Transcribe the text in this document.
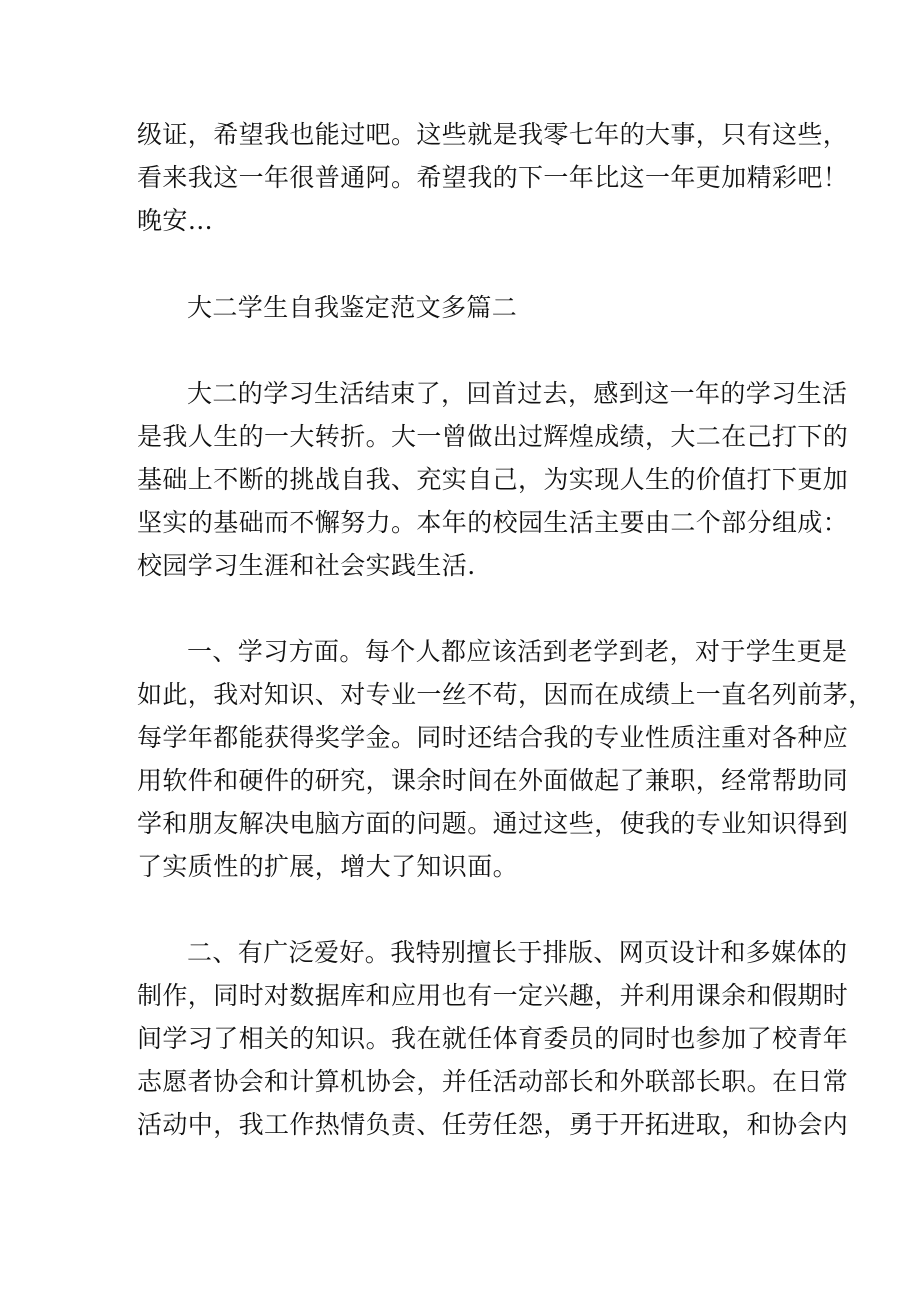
级证，希望我也能过吧。这些就是我零七年的大事，只有这些，
看来我这一年很普通阿。希望我的下一年比这一年更加精彩吧！
晚安…
大二学生自我鉴定范文多篇二
大二的学习生活结束了，回首过去，感到这一年的学习生活
是我人生的一大转折。大一曾做出过辉煌成绩，大二在己打下的
基础上不断的挑战自我、充实自己，为实现人生的价值打下更加
坚实的基础而不懈努力。本年的校园生活主要由二个部分组成：
校园学习生涯和社会实践生活.
一、学习方面。每个人都应该活到老学到老，对于学生更是
如此，我对知识、对专业一丝不苟，因而在成绩上一直名列前茅，
每学年都能获得奖学金。同时还结合我的专业性质注重对各种应
用软件和硬件的研究，课余时间在外面做起了兼职，经常帮助同
学和朋友解决电脑方面的问题。通过这些，使我的专业知识得到
了实质性的扩展，增大了知识面。
二、有广泛爱好。我特别擅长于排版、网页设计和多媒体的
制作，同时对数据库和应用也有一定兴趣，并利用课余和假期时
间学习了相关的知识。我在就任体育委员的同时也参加了校青年
志愿者协会和计算机协会，并任活动部长和外联部长职。在日常
活动中，我工作热情负责、任劳任怨，勇于开拓进取，和协会内
